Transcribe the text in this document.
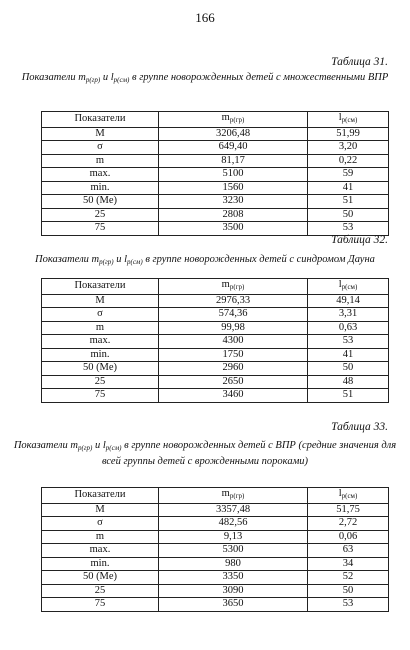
166
Таблица 31.
Показатели $m_{р(гр)}$ и $l_{р(см)}$ в группе новорожденных детей с множественными ВПР
Показатели	$m_{р(гр)}$	$l_{р(см)}$
M	3206,48	51,99
σ	649,40	3,20
m	81,17	0,22
max.	5100	59
min.	1560	41
50 (Me)	3230	51
25	2808	50
75	3500	53
Таблица 32.
Показатели $m_{р(гр)}$ и $l_{р(см)}$ в группе новорожденных детей с синдромом Дауна
Показатели	$m_{р(гр)}$	$l_{р(см)}$
M	2976,33	49,14
σ	574,36	3,31
m	99,98	0,63
max.	4300	53
min.	1750	41
50 (Me)	2960	50
25	2650	48
75	3460	51
Таблица 33.
Показатели $m_{р(гр)}$ и $l_{р(см)}$ в группе новорожденных детей с ВПР (средние значения для всей группы детей с врожденными пороками)
Показатели	$m_{р(гр)}$	$l_{р(см)}$
M	3357,48	51,75
σ	482,56	2,72
m	9,13	0,06
max.	5300	63
min.	980	34
50 (Me)	3350	52
25	3090	50
75	3650	53
